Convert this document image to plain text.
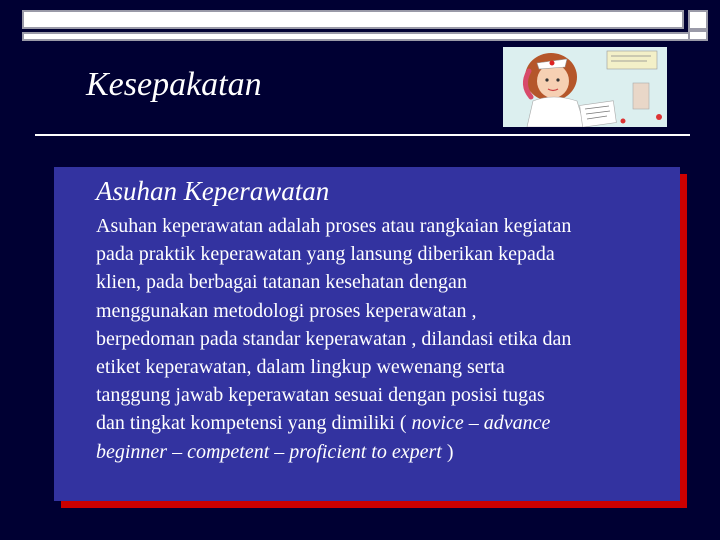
Kesepakatan
Asuhan Keperawatan
Asuhan keperawatan adalah proses atau rangkaian kegiatan
pada praktik keperawatan yang lansung diberikan kepada
klien, pada berbagai tatanan kesehatan dengan
menggunakan metodologi proses keperawatan ,
berpedoman pada standar keperawatan , dilandasi etika dan
etiket keperawatan, dalam lingkup wewenang serta
tanggung jawab keperawatan sesuai dengan posisi tugas
dan tingkat kompetensi yang dimiliki ( novice – advance
beginner – competent – proficient to expert )
